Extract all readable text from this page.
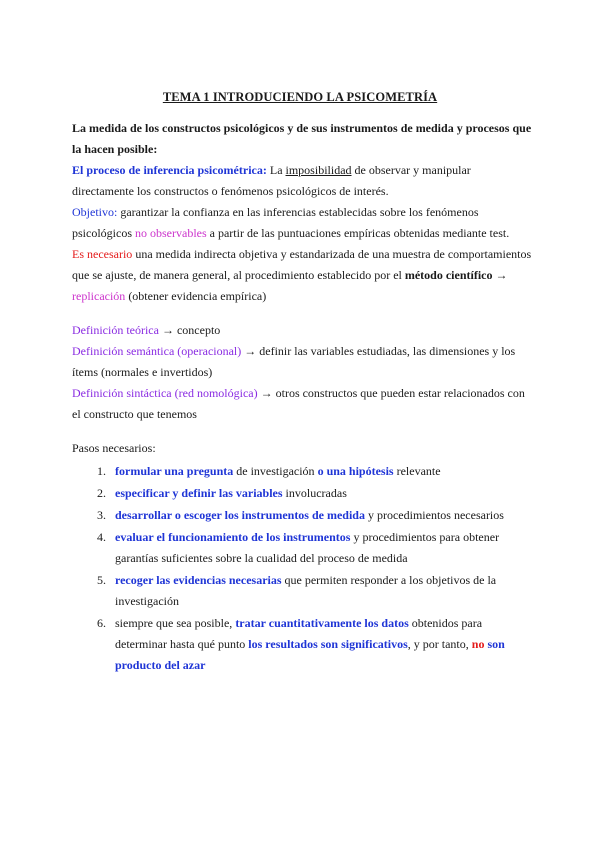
TEMA 1 INTRODUCIENDO LA PSICOMETRÍA

La medida de los constructos psicológicos y de sus instrumentos de medida y procesos que la hacen posible:

El proceso de inferencia psicométrica: La imposibilidad de observar y manipular directamente los constructos o fenómenos psicológicos de interés.

Objetivo: garantizar la confianza en las inferencias establecidas sobre los fenómenos psicológicos no observables a partir de las puntuaciones empíricas obtenidas mediante test.

Es necesario una medida indirecta objetiva y estandarizada de una muestra de comportamientos que se ajuste, de manera general, al procedimiento establecido por el método científico → replicación (obtener evidencia empírica)

Definición teórica → concepto

Definición semántica (operacional) → definir las variables estudiadas, las dimensiones y los ítems (normales e invertidos)

Definición sintáctica (red nomológica) → otros constructos que pueden estar relacionados con el constructo que tenemos

Pasos necesarios:

1. formular una pregunta de investigación o una hipótesis relevante
2. especificar y definir las variables involucradas
3. desarrollar o escoger los instrumentos de medida y procedimientos necesarios
4. evaluar el funcionamiento de los instrumentos y procedimientos para obtener garantías suficientes sobre la cualidad del proceso de medida
5. recoger las evidencias necesarias que permiten responder a los objetivos de la investigación
6. siempre que sea posible, tratar cuantitativamente los datos obtenidos para determinar hasta qué punto los resultados son significativos, y por tanto, no son producto del azar
